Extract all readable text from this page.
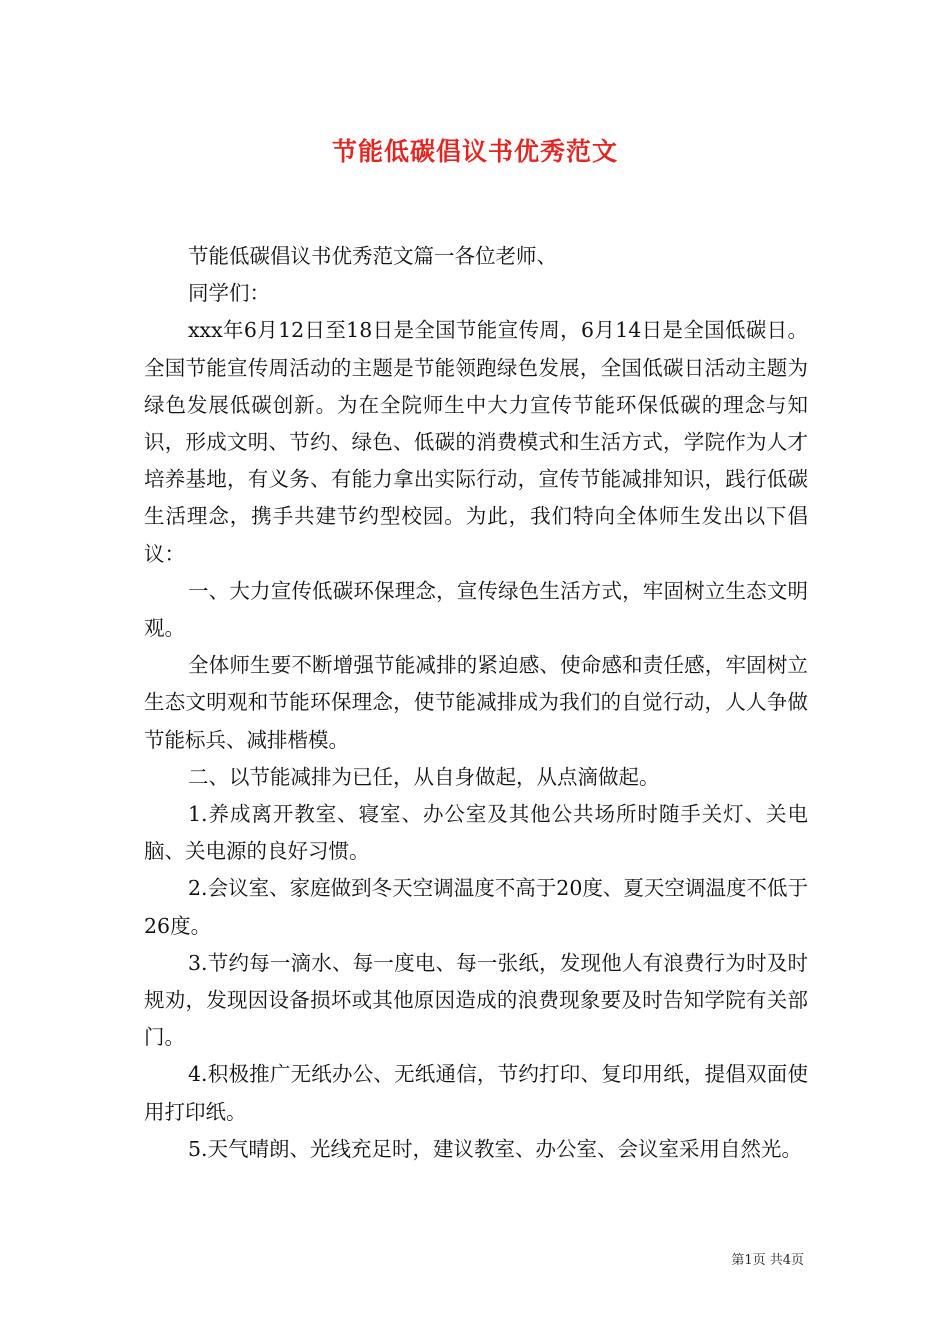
节能低碳倡议书优秀范文

节能低碳倡议书优秀范文篇一各位老师、

同学们：

xxx年6月12日至18日是全国节能宣传周，6月14日是全国低碳日。全国节能宣传周活动的主题是节能领跑绿色发展，全国低碳日活动主题为绿色发展低碳创新。为在全院师生中大力宣传节能环保低碳的理念与知识，形成文明、节约、绿色、低碳的消费模式和生活方式，学院作为人才培养基地，有义务、有能力拿出实际行动，宣传节能减排知识，践行低碳生活理念，携手共建节约型校园。为此，我们特向全体师生发出以下倡议：

一、大力宣传低碳环保理念，宣传绿色生活方式，牢固树立生态文明观。

全体师生要不断增强节能减排的紧迫感、使命感和责任感，牢固树立生态文明观和节能环保理念，使节能减排成为我们的自觉行动，人人争做节能标兵、减排楷模。

二、以节能减排为已任，从自身做起，从点滴做起。

1.养成离开教室、寝室、办公室及其他公共场所时随手关灯、关电脑、关电源的良好习惯。

2.会议室、家庭做到冬天空调温度不高于20度、夏天空调温度不低于26度。

3.节约每一滴水、每一度电、每一张纸，发现他人有浪费行为时及时规劝，发现因设备损坏或其他原因造成的浪费现象要及时告知学院有关部门。

4.积极推广无纸办公、无纸通信，节约打印、复印用纸，提倡双面使用打印纸。

5.天气晴朗、光线充足时，建议教室、办公室、会议室采用自然光。

第1页 共4页
